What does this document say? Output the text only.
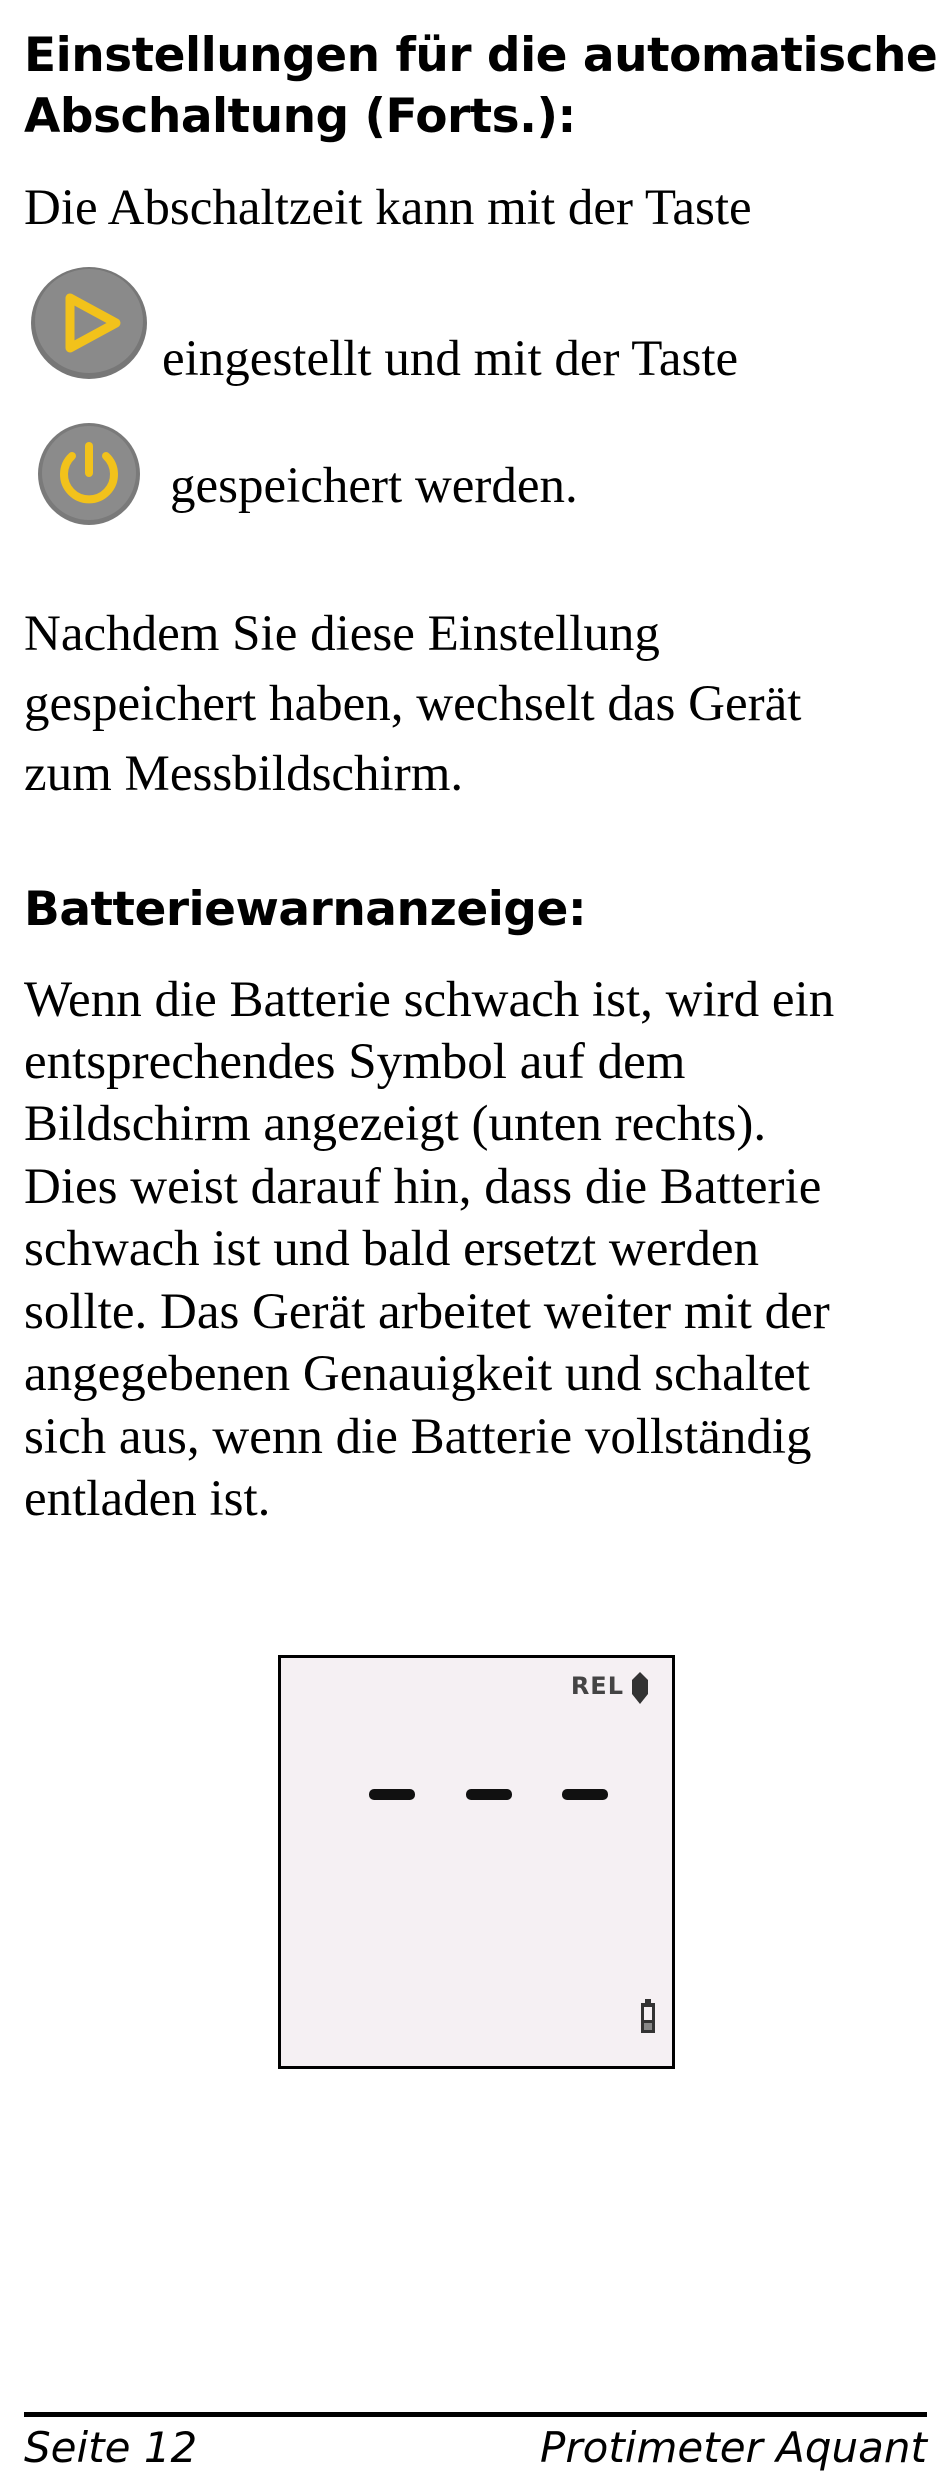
Einstellungen für die automatische

Abschaltung (Forts.):

Die Abschaltzeit kann mit der Taste

eingestellt und mit der Taste

gespeichert werden.

Nachdem Sie diese Einstellung

gespeichert haben, wechselt das Gerät

zum Messbildschirm.

Batteriewarnanzeige:

Wenn die Batterie schwach ist, wird ein

entsprechendes Symbol auf dem

Bildschirm angezeigt (unten rechts).

Dies weist darauf hin, dass die Batterie

schwach ist und bald ersetzt werden

sollte. Das Gerät arbeitet weiter mit der

angegebenen Genauigkeit und schaltet

sich aus, wenn die Batterie vollständig

entladen ist.

REL
Seite 12	Protimeter Aquant
